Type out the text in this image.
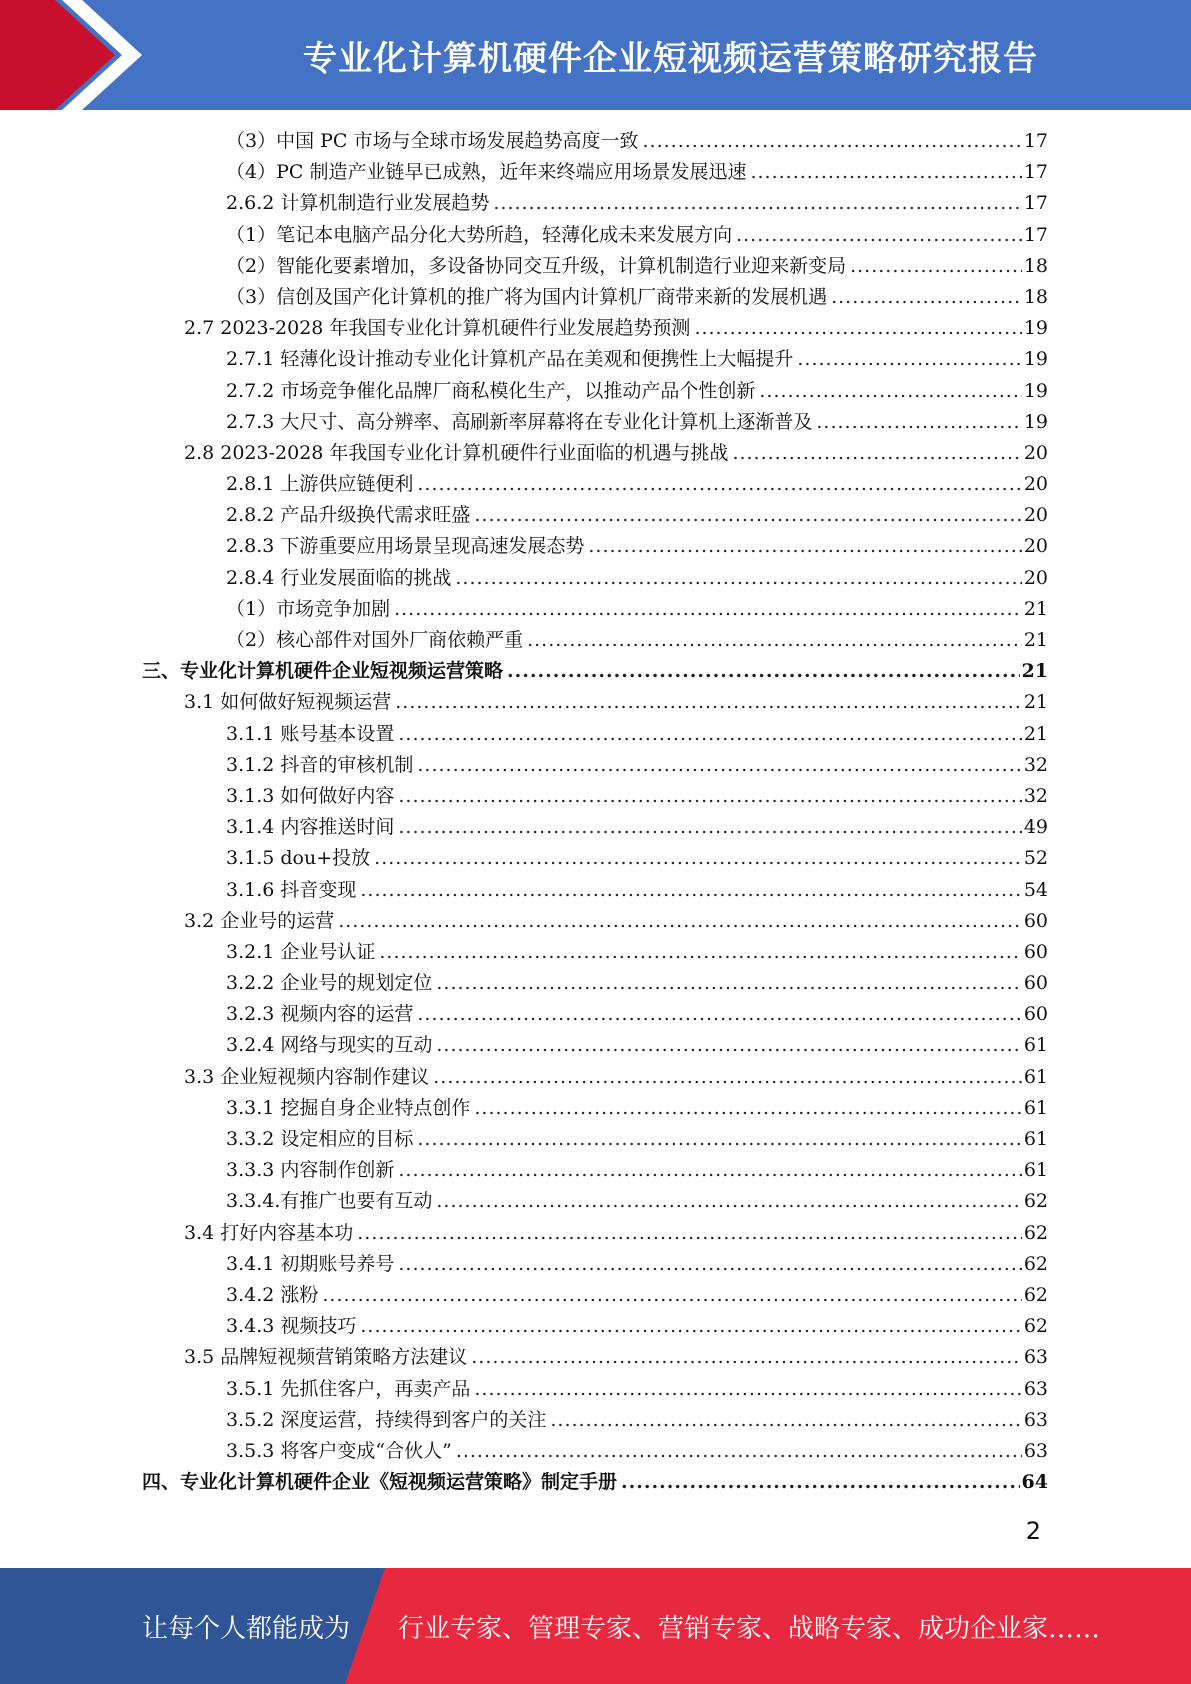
专业化计算机硬件企业短视频运营策略研究报告
（3）中国 PC 市场与全球市场发展趋势高度一致 .....	17
（4）PC 制造产业链早已成熟，近年来终端应用场景发展迅速 .....	17
2.6.2 计算机制造行业发展趋势 .....	17
（1）笔记本电脑产品分化大势所趋，轻薄化成未来发展方向 .....	17
（2）智能化要素增加，多设备协同交互升级，计算机制造行业迎来新变局 .....	18
（3）信创及国产化计算机的推广将为国内计算机厂商带来新的发展机遇 .....	18
2.7 2023-2028 年我国专业化计算机硬件行业发展趋势预测 .....	19
2.7.1 轻薄化设计推动专业化计算机产品在美观和便携性上大幅提升 .....	19
2.7.2 市场竞争催化品牌厂商私模化生产，以推动产品个性创新 .....	19
2.7.3 大尺寸、高分辨率、高刷新率屏幕将在专业化计算机上逐渐普及 .....	19
2.8 2023-2028 年我国专业化计算机硬件行业面临的机遇与挑战 .....	20
2.8.1 上游供应链便利 .....	20
2.8.2 产品升级换代需求旺盛 .....	20
2.8.3 下游重要应用场景呈现高速发展态势 .....	20
2.8.4 行业发展面临的挑战 .....	20
（1）市场竞争加剧 .....	21
（2）核心部件对国外厂商依赖严重 .....	21
三、专业化计算机硬件企业短视频运营策略 .....	21
3.1 如何做好短视频运营 .....	21
3.1.1 账号基本设置 .....	21
3.1.2 抖音的审核机制 .....	32
3.1.3 如何做好内容 .....	32
3.1.4 内容推送时间 .....	49
3.1.5 dou+投放 .....	52
3.1.6 抖音变现 .....	54
3.2 企业号的运营 .....	60
3.2.1 企业号认证 .....	60
3.2.2 企业号的规划定位 .....	60
3.2.3 视频内容的运营 .....	60
3.2.4 网络与现实的互动 .....	61
3.3 企业短视频内容制作建议 .....	61
3.3.1 挖掘自身企业特点创作 .....	61
3.3.2 设定相应的目标 .....	61
3.3.3 内容制作创新 .....	61
3.3.4.有推广也要有互动 .....	62
3.4 打好内容基本功 .....	62
3.4.1 初期账号养号 .....	62
3.4.2 涨粉 .....	62
3.4.3 视频技巧 .....	62
3.5 品牌短视频营销策略方法建议 .....	63
3.5.1 先抓住客户，再卖产品 .....	63
3.5.2 深度运营，持续得到客户的关注 .....	63
3.5.3 将客户变成“合伙人” .....	63
四、专业化计算机硬件企业《短视频运营策略》制定手册 .....	64
2
让每个人都能成为 行业专家、管理专家、营销专家、战略专家、成功企业家……
